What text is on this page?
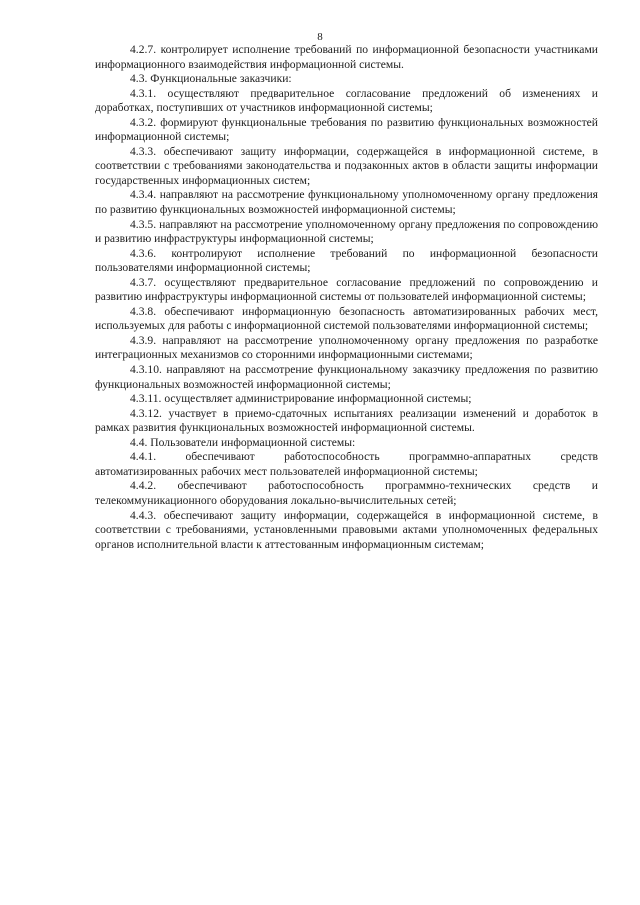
8

4.2.7. контролирует исполнение требований по информационной безопасности участниками информационного взаимодействия информационной системы.

4.3. Функциональные заказчики:

4.3.1. осуществляют предварительное согласование предложений об изменениях и доработках, поступивших от участников информационной системы;

4.3.2. формируют функциональные требования по развитию функциональных возможностей информационной системы;

4.3.3. обеспечивают защиту информации, содержащейся в информационной системе, в соответствии с требованиями законодательства и подзаконных актов в области защиты информации государственных информационных систем;

4.3.4. направляют на рассмотрение функциональному уполномоченному органу предложения по развитию функциональных возможностей информационной системы;

4.3.5. направляют на рассмотрение уполномоченному органу предложения по сопровождению и развитию инфраструктуры информационной системы;

4.3.6. контролируют исполнение требований по информационной безопасности пользователями информационной системы;

4.3.7. осуществляют предварительное согласование предложений по сопровождению и развитию инфраструктуры информационной системы от пользователей информационной системы;

4.3.8. обеспечивают информационную безопасность автоматизированных рабочих мест, используемых для работы с информационной системой пользователями информационной системы;

4.3.9. направляют на рассмотрение уполномоченному органу предложения по разработке интеграционных механизмов со сторонними информационными системами;

4.3.10. направляют на рассмотрение функциональному заказчику предложения по развитию функциональных возможностей информационной системы;

4.3.11. осуществляет администрирование информационной системы;

4.3.12. участвует в приемо-сдаточных испытаниях реализации изменений и доработок в рамках развития функциональных возможностей информационной системы.

4.4. Пользователи информационной системы:

4.4.1. обеспечивают работоспособность программно-аппаратных средств автоматизированных рабочих мест пользователей информационной системы;

4.4.2. обеспечивают работоспособность программно-технических средств и телекоммуникационного оборудования локально-вычислительных сетей;

4.4.3. обеспечивают защиту информации, содержащейся в информационной системе, в соответствии с требованиями, установленными правовыми актами уполномоченных федеральных органов исполнительной власти к аттестованным информационным системам;
